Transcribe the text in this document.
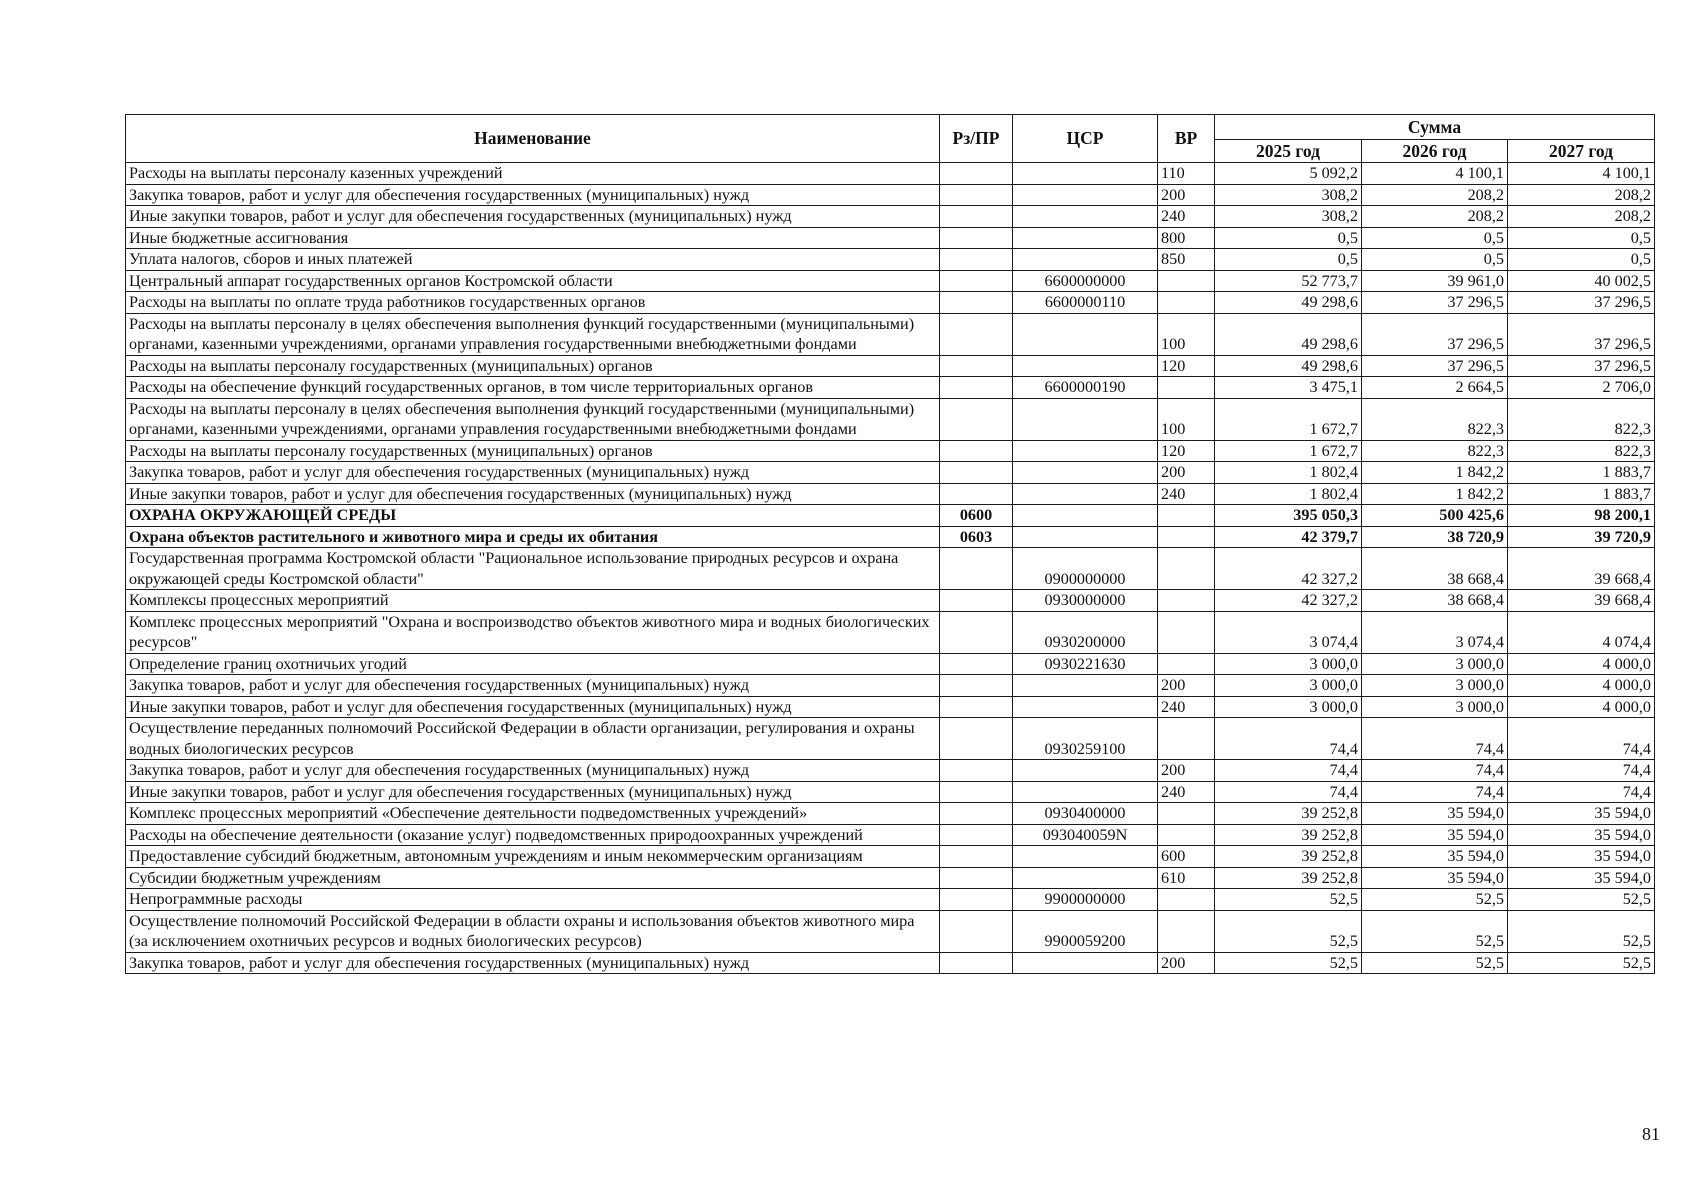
Наименование	Рз/ПР	ЦСР	ВР	Сумма		
				2025 год	2026 год	2027 год
Расходы на выплаты персоналу казенных учреждений			110	5 092,2	4 100,1	4 100,1
Закупка товаров, работ и услуг для обеспечения государственных (муниципальных) нужд			200	308,2	208,2	208,2
Иные закупки товаров, работ и услуг для обеспечения государственных (муниципальных) нужд			240	308,2	208,2	208,2
Иные бюджетные ассигнования			800	0,5	0,5	0,5
Уплата налогов, сборов и иных платежей			850	0,5	0,5	0,5
Центральный аппарат государственных органов Костромской области		6600000000		52 773,7	39 961,0	40 002,5
Расходы на выплаты по оплате труда работников государственных органов		6600000110		49 298,6	37 296,5	37 296,5
Расходы на выплаты персоналу в целях обеспечения выполнения функций государственными (муниципальными) органами, казенными учреждениями, органами управления государственными внебюджетными фондами			100	49 298,6	37 296,5	37 296,5
Расходы на выплаты персоналу государственных (муниципальных) органов			120	49 298,6	37 296,5	37 296,5
Расходы на обеспечение функций государственных органов, в том числе территориальных органов		6600000190		3 475,1	2 664,5	2 706,0
Расходы на выплаты персоналу в целях обеспечения выполнения функций государственными (муниципальными) органами, казенными учреждениями, органами управления государственными внебюджетными фондами			100	1 672,7	822,3	822,3
Расходы на выплаты персоналу государственных (муниципальных) органов			120	1 672,7	822,3	822,3
Закупка товаров, работ и услуг для обеспечения государственных (муниципальных) нужд			200	1 802,4	1 842,2	1 883,7
Иные закупки товаров, работ и услуг для обеспечения государственных (муниципальных) нужд			240	1 802,4	1 842,2	1 883,7
ОХРАНА ОКРУЖАЮЩЕЙ СРЕДЫ	0600			395 050,3	500 425,6	98 200,1
Охрана объектов растительного и животного мира и среды их обитания	0603			42 379,7	38 720,9	39 720,9
Государственная программа Костромской области "Рациональное использование природных ресурсов и охрана окружающей среды Костромской области"		0900000000		42 327,2	38 668,4	39 668,4
Комплексы процессных мероприятий		0930000000		42 327,2	38 668,4	39 668,4
Комплекс процессных мероприятий "Охрана и воспроизводство объектов животного мира и водных биологических ресурсов"		0930200000		3 074,4	3 074,4	4 074,4
Определение границ охотничьих угодий		0930221630		3 000,0	3 000,0	4 000,0
Закупка товаров, работ и услуг для обеспечения государственных (муниципальных) нужд			200	3 000,0	3 000,0	4 000,0
Иные закупки товаров, работ и услуг для обеспечения государственных (муниципальных) нужд			240	3 000,0	3 000,0	4 000,0
Осуществление переданных полномочий Российской Федерации в области организации, регулирования и охраны водных биологических ресурсов		0930259100		74,4	74,4	74,4
Закупка товаров, работ и услуг для обеспечения государственных (муниципальных) нужд			200	74,4	74,4	74,4
Иные закупки товаров, работ и услуг для обеспечения государственных (муниципальных) нужд			240	74,4	74,4	74,4
Комплекс процессных мероприятий «Обеспечение деятельности подведомственных учреждений»		0930400000		39 252,8	35 594,0	35 594,0
Расходы на обеспечение деятельности (оказание услуг) подведомственных природоохранных учреждений		093040059N		39 252,8	35 594,0	35 594,0
Предоставление субсидий бюджетным, автономным учреждениям и иным некоммерческим организациям			600	39 252,8	35 594,0	35 594,0
Субсидии бюджетным учреждениям			610	39 252,8	35 594,0	35 594,0
Непрограммные расходы		9900000000		52,5	52,5	52,5
Осуществление полномочий Российской Федерации в области охраны и использования объектов животного мира (за исключением охотничьих ресурсов и водных биологических ресурсов)		9900059200		52,5	52,5	52,5
Закупка товаров, работ и услуг для обеспечения государственных (муниципальных) нужд			200	52,5	52,5	52,5
81
